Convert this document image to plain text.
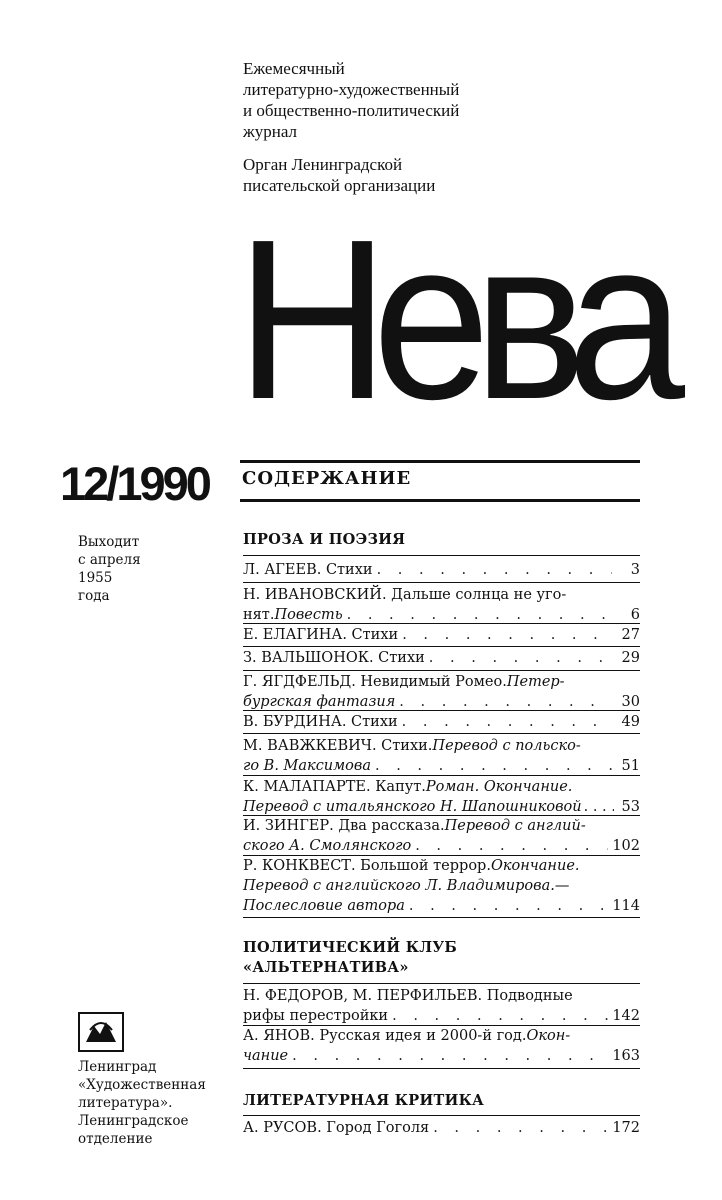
Ежемесячный
литературно-художественный
и общественно-политический
журнал

Орган Ленинградской
писательской организации

Нева
12/1990 СОДЕРЖАНИЕ
Выходит
с апреля
1955
года
Ленинград
«Художественная
литература».
Ленинградское
отделение
ПРОЗА И ПОЭЗИЯ
Л. АГЕЕВ. Стихи . . .	3
Н. ИВАНОВСКИЙ. Дальше солнца не уго-
нят. Повесть . . .	6
Е. ЕЛАГИНА. Стихи . . .	27
З. ВАЛЬШОНОК. Стихи . . .	29
Г. ЯГДФЕЛЬД. Невидимый Ромео. Петер-
бургская фантазия . . .	30
В. БУРДИНА. Стихи . . .	49
М. ВАВЖКЕВИЧ. Стихи. Перевод с польско-
го В. Максимова . . .	51
К. МАЛАПАРТЕ. Капут. Роман. Окончание.
Перевод с итальянского Н. Шапошниковой . . .	53
И. ЗИНГЕР. Два рассказа. Перевод с англий-
ского А. Смолянского . . .	102
Р. КОНКВЕСТ. Большой террор. Окончание.
Перевод с английского Л. Владимирова.—
Послесловие автора . . .	114
ПОЛИТИЧЕСКИЙ КЛУБ
«АЛЬТЕРНАТИВА»
Н. ФЕДОРОВ, М. ПЕРФИЛЬЕВ. Подводные
рифы перестройки . . .	142
А. ЯНОВ. Русская идея и 2000-й год. Окон-
чание . . .	163
ЛИТЕРАТУРНАЯ КРИТИКА
А. РУСОВ. Город Гоголя . . .	172
